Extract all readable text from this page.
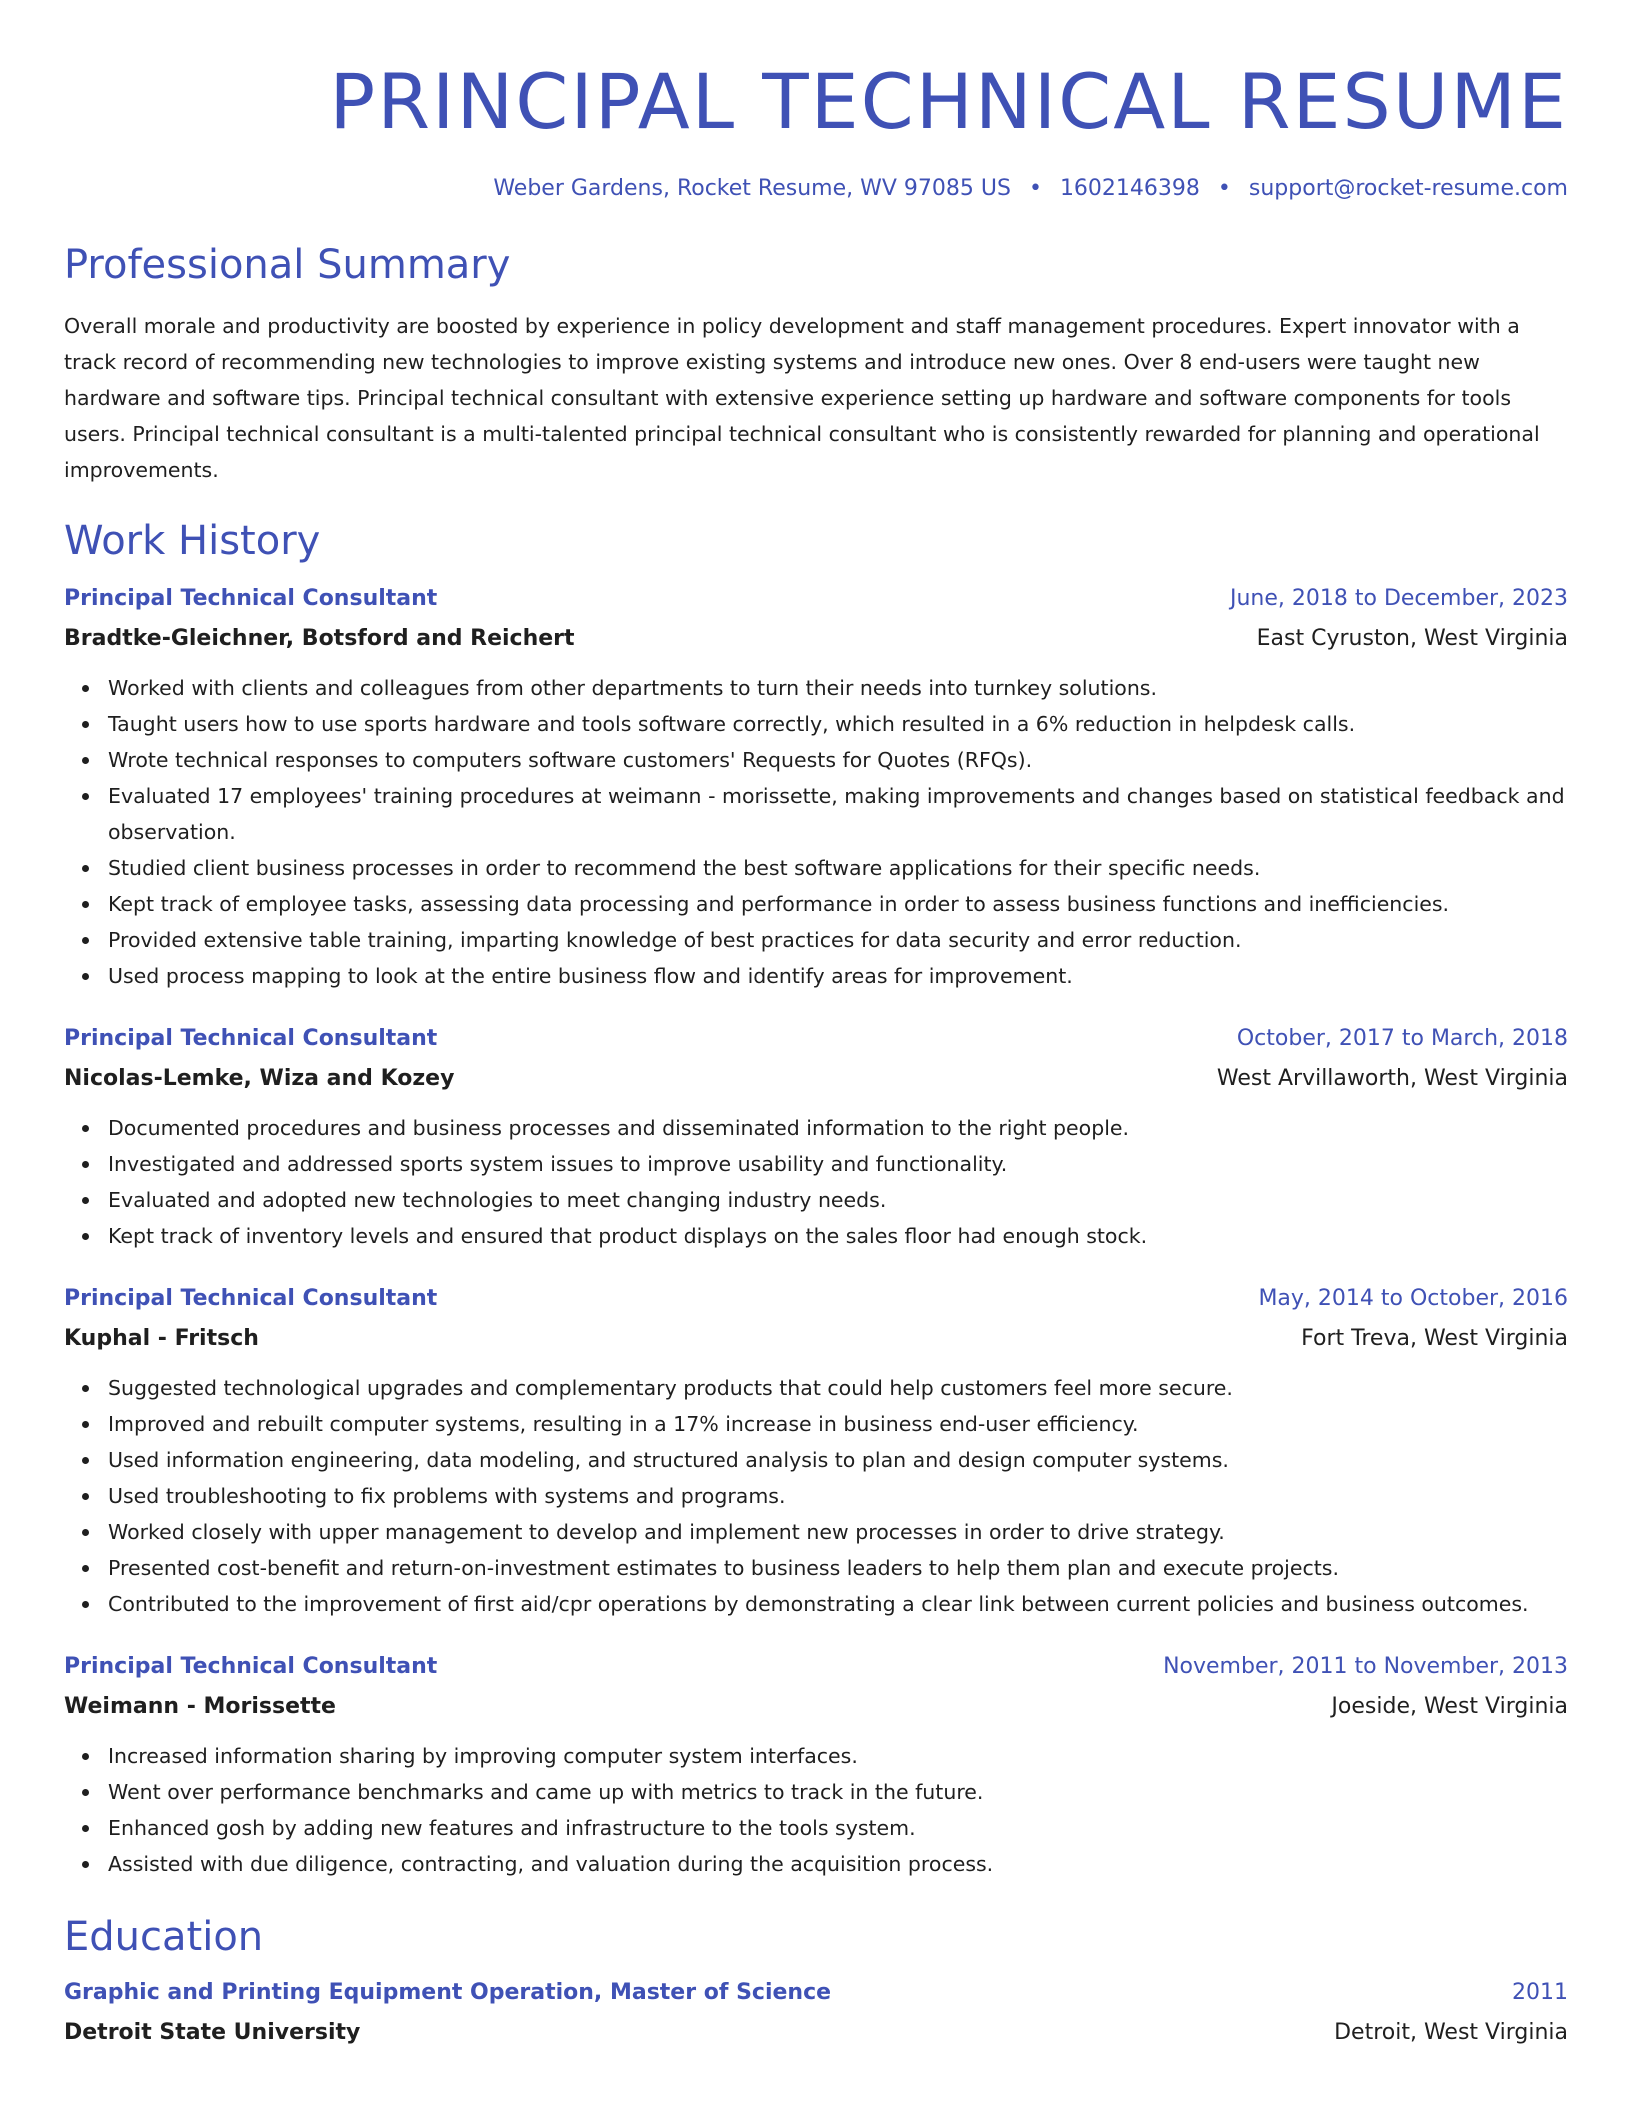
PRINCIPAL TECHNICAL RESUME
Weber Gardens, Rocket Resume, WV 97085 US • 1602146398 • support@rocket-resume.com
Professional Summary

Overall morale and productivity are boosted by experience in policy development and staff management procedures. Expert innovator with a track record of recommending new technologies to improve existing systems and introduce new ones. Over 8 end-users were taught new hardware and software tips. Principal technical consultant with extensive experience setting up hardware and software components for tools users. Principal technical consultant is a multi-talented principal technical consultant who is consistently rewarded for planning and operational improvements.

Work History
Principal Technical Consultant	June, 2018 to December, 2023
Bradtke-Gleichner, Botsford and Reichert	East Cyruston, West Virginia
Worked with clients and colleagues from other departments to turn their needs into turnkey solutions.
Taught users how to use sports hardware and tools software correctly, which resulted in a 6% reduction in helpdesk calls.
Wrote technical responses to computers software customers' Requests for Quotes (RFQs).
Evaluated 17 employees' training procedures at weimann - morissette, making improvements and changes based on statistical feedback and observation.
Studied client business processes in order to recommend the best software applications for their specific needs.
Kept track of employee tasks, assessing data processing and performance in order to assess business functions and inefficiencies.
Provided extensive table training, imparting knowledge of best practices for data security and error reduction.
Used process mapping to look at the entire business flow and identify areas for improvement.
Principal Technical Consultant	October, 2017 to March, 2018
Nicolas-Lemke, Wiza and Kozey	West Arvillaworth, West Virginia
Documented procedures and business processes and disseminated information to the right people.
Investigated and addressed sports system issues to improve usability and functionality.
Evaluated and adopted new technologies to meet changing industry needs.
Kept track of inventory levels and ensured that product displays on the sales floor had enough stock.
Principal Technical Consultant	May, 2014 to October, 2016
Kuphal - Fritsch	Fort Treva, West Virginia
Suggested technological upgrades and complementary products that could help customers feel more secure.
Improved and rebuilt computer systems, resulting in a 17% increase in business end-user efficiency.
Used information engineering, data modeling, and structured analysis to plan and design computer systems.
Used troubleshooting to fix problems with systems and programs.
Worked closely with upper management to develop and implement new processes in order to drive strategy.
Presented cost-benefit and return-on-investment estimates to business leaders to help them plan and execute projects.
Contributed to the improvement of first aid/cpr operations by demonstrating a clear link between current policies and business outcomes.
Principal Technical Consultant	November, 2011 to November, 2013
Weimann - Morissette	Joeside, West Virginia
Increased information sharing by improving computer system interfaces.
Went over performance benchmarks and came up with metrics to track in the future.
Enhanced gosh by adding new features and infrastructure to the tools system.
Assisted with due diligence, contracting, and valuation during the acquisition process.
Education
Graphic and Printing Equipment Operation, Master of Science	2011
Detroit State University	Detroit, West Virginia
